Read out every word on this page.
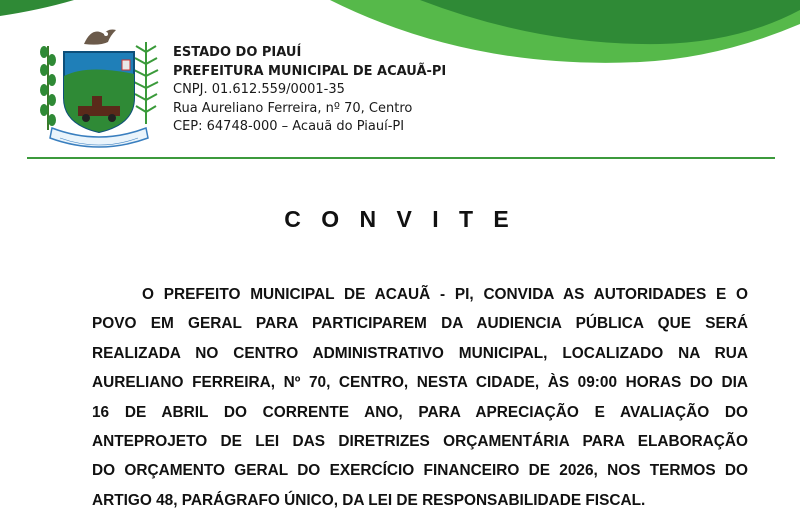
ESTADO DO PIAUÍ
PREFEITURA MUNICIPAL DE ACAUÃ-PI
CNPJ. 01.612.559/0001-35
Rua Aureliano Ferreira, nº 70, Centro
CEP: 64748-000 – Acauã do Piauí-PI
C O N V I T E
O PREFEITO MUNICIPAL DE ACAUÃ - PI, CONVIDA AS AUTORIDADES E O
POVO EM GERAL PARA PARTICIPAREM DA AUDIENCIA PÚBLICA QUE SERÁ
REALIZADA NO CENTRO ADMINISTRATIVO MUNICIPAL, LOCALIZADO NA RUA
AURELIANO FERREIRA, Nº 70, CENTRO, NESTA CIDADE, ÀS 09:00 HORAS DO DIA
16 DE ABRIL DO CORRENTE ANO, PARA APRECIAÇÃO E AVALIAÇÃO DO
ANTEPROJETO DE LEI DAS DIRETRIZES ORÇAMENTÁRIA PARA ELABORAÇÃO
DO ORÇAMENTO GERAL DO EXERCÍCIO FINANCEIRO DE 2026, NOS TERMOS DO
ARTIGO 48, PARÁGRAFO ÚNICO, DA LEI DE RESPONSABILIDADE FISCAL.
